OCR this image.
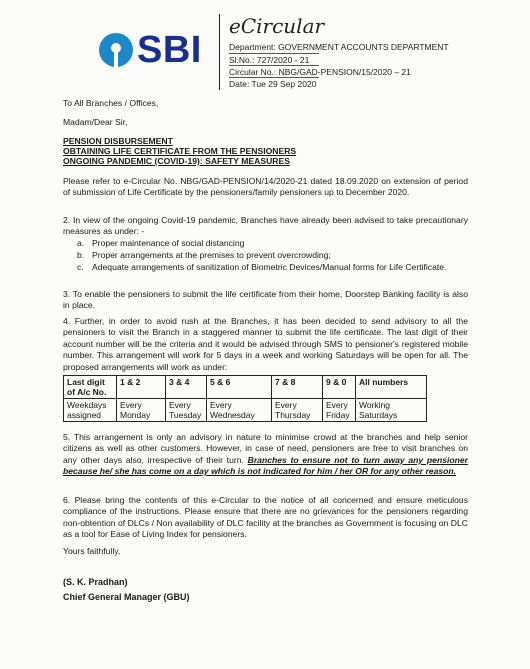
SBI
eCircular
Department: GOVERNMENT ACCOUNTS DEPARTMENT
Sl.No.: 727/2020 - 21
Circular No.: NBG/GAD-PENSION/15/2020 – 21
Date: Tue 29 Sep 2020
To All Branches / Offices,
Madam/Dear Sir,
PENSION DISBURSEMENT
OBTAINING LIFE CERTIFICATE FROM THE PENSIONERS
ONGOING PANDEMIC (COVID-19): SAFETY MEASURES
Please refer to e-Circular No. NBG/GAD-PENSION/14/2020-21 dated 18.09.2020 on extension of period of submission of Life Certificate by the pensioners/family pensioners up to December 2020.
2. In view of the ongoing Covid-19 pandemic, Branches have already been advised to take precautionary measures as under: -
a. Proper maintenance of social distancing
b. Proper arrangements at the premises to prevent overcrowding;
c. Adequate arrangements of sanitization of Biometric Devices/Manual forms for Life Certificate.
3. To enable the pensioners to submit the life certificate from their home, Doorstep Banking facility is also in place.
4. Further, in order to avoid rush at the Branches, it has been decided to send advisory to all the pensioners to visit the Branch in a staggered manner to submit the life certificate. The last digit of their account number will be the criteria and it would be advised through SMS to pensioner's registered mobile number. This arrangement will work for 5 days in a week and working Saturdays will be open for all. The proposed arrangements will work as under:
Last digit of A/c No.	1 & 2	3 & 4	5 & 6	7 & 8	9 & 0	All numbers
Weekdays assigned	Every Monday	Every Tuesday	Every Wednesday	Every Thursday	Every Friday	Working Saturdays
5. This arrangement is only an advisory in nature to minimise crowd at the branches and help senior citizens as well as other customers. However, in case of need, pensioners are free to visit branches on any other days also, irrespective of their turn. Branches to ensure not to turn away any pensioner because he/ she has come on a day which is not indicated for him / her OR for any other reason.
6. Please bring the contents of this e-Circular to the notice of all concerned and ensure meticulous compliance of the instructions. Please ensure that there are no grievances for the pensioners regarding non-obtention of DLCs / Non availability of DLC facility at the branches as Government is focusing on DLC as a tool for Ease of Living Index for pensioners.
Yours faithfully,
(S. K. Pradhan)
Chief General Manager (GBU)
